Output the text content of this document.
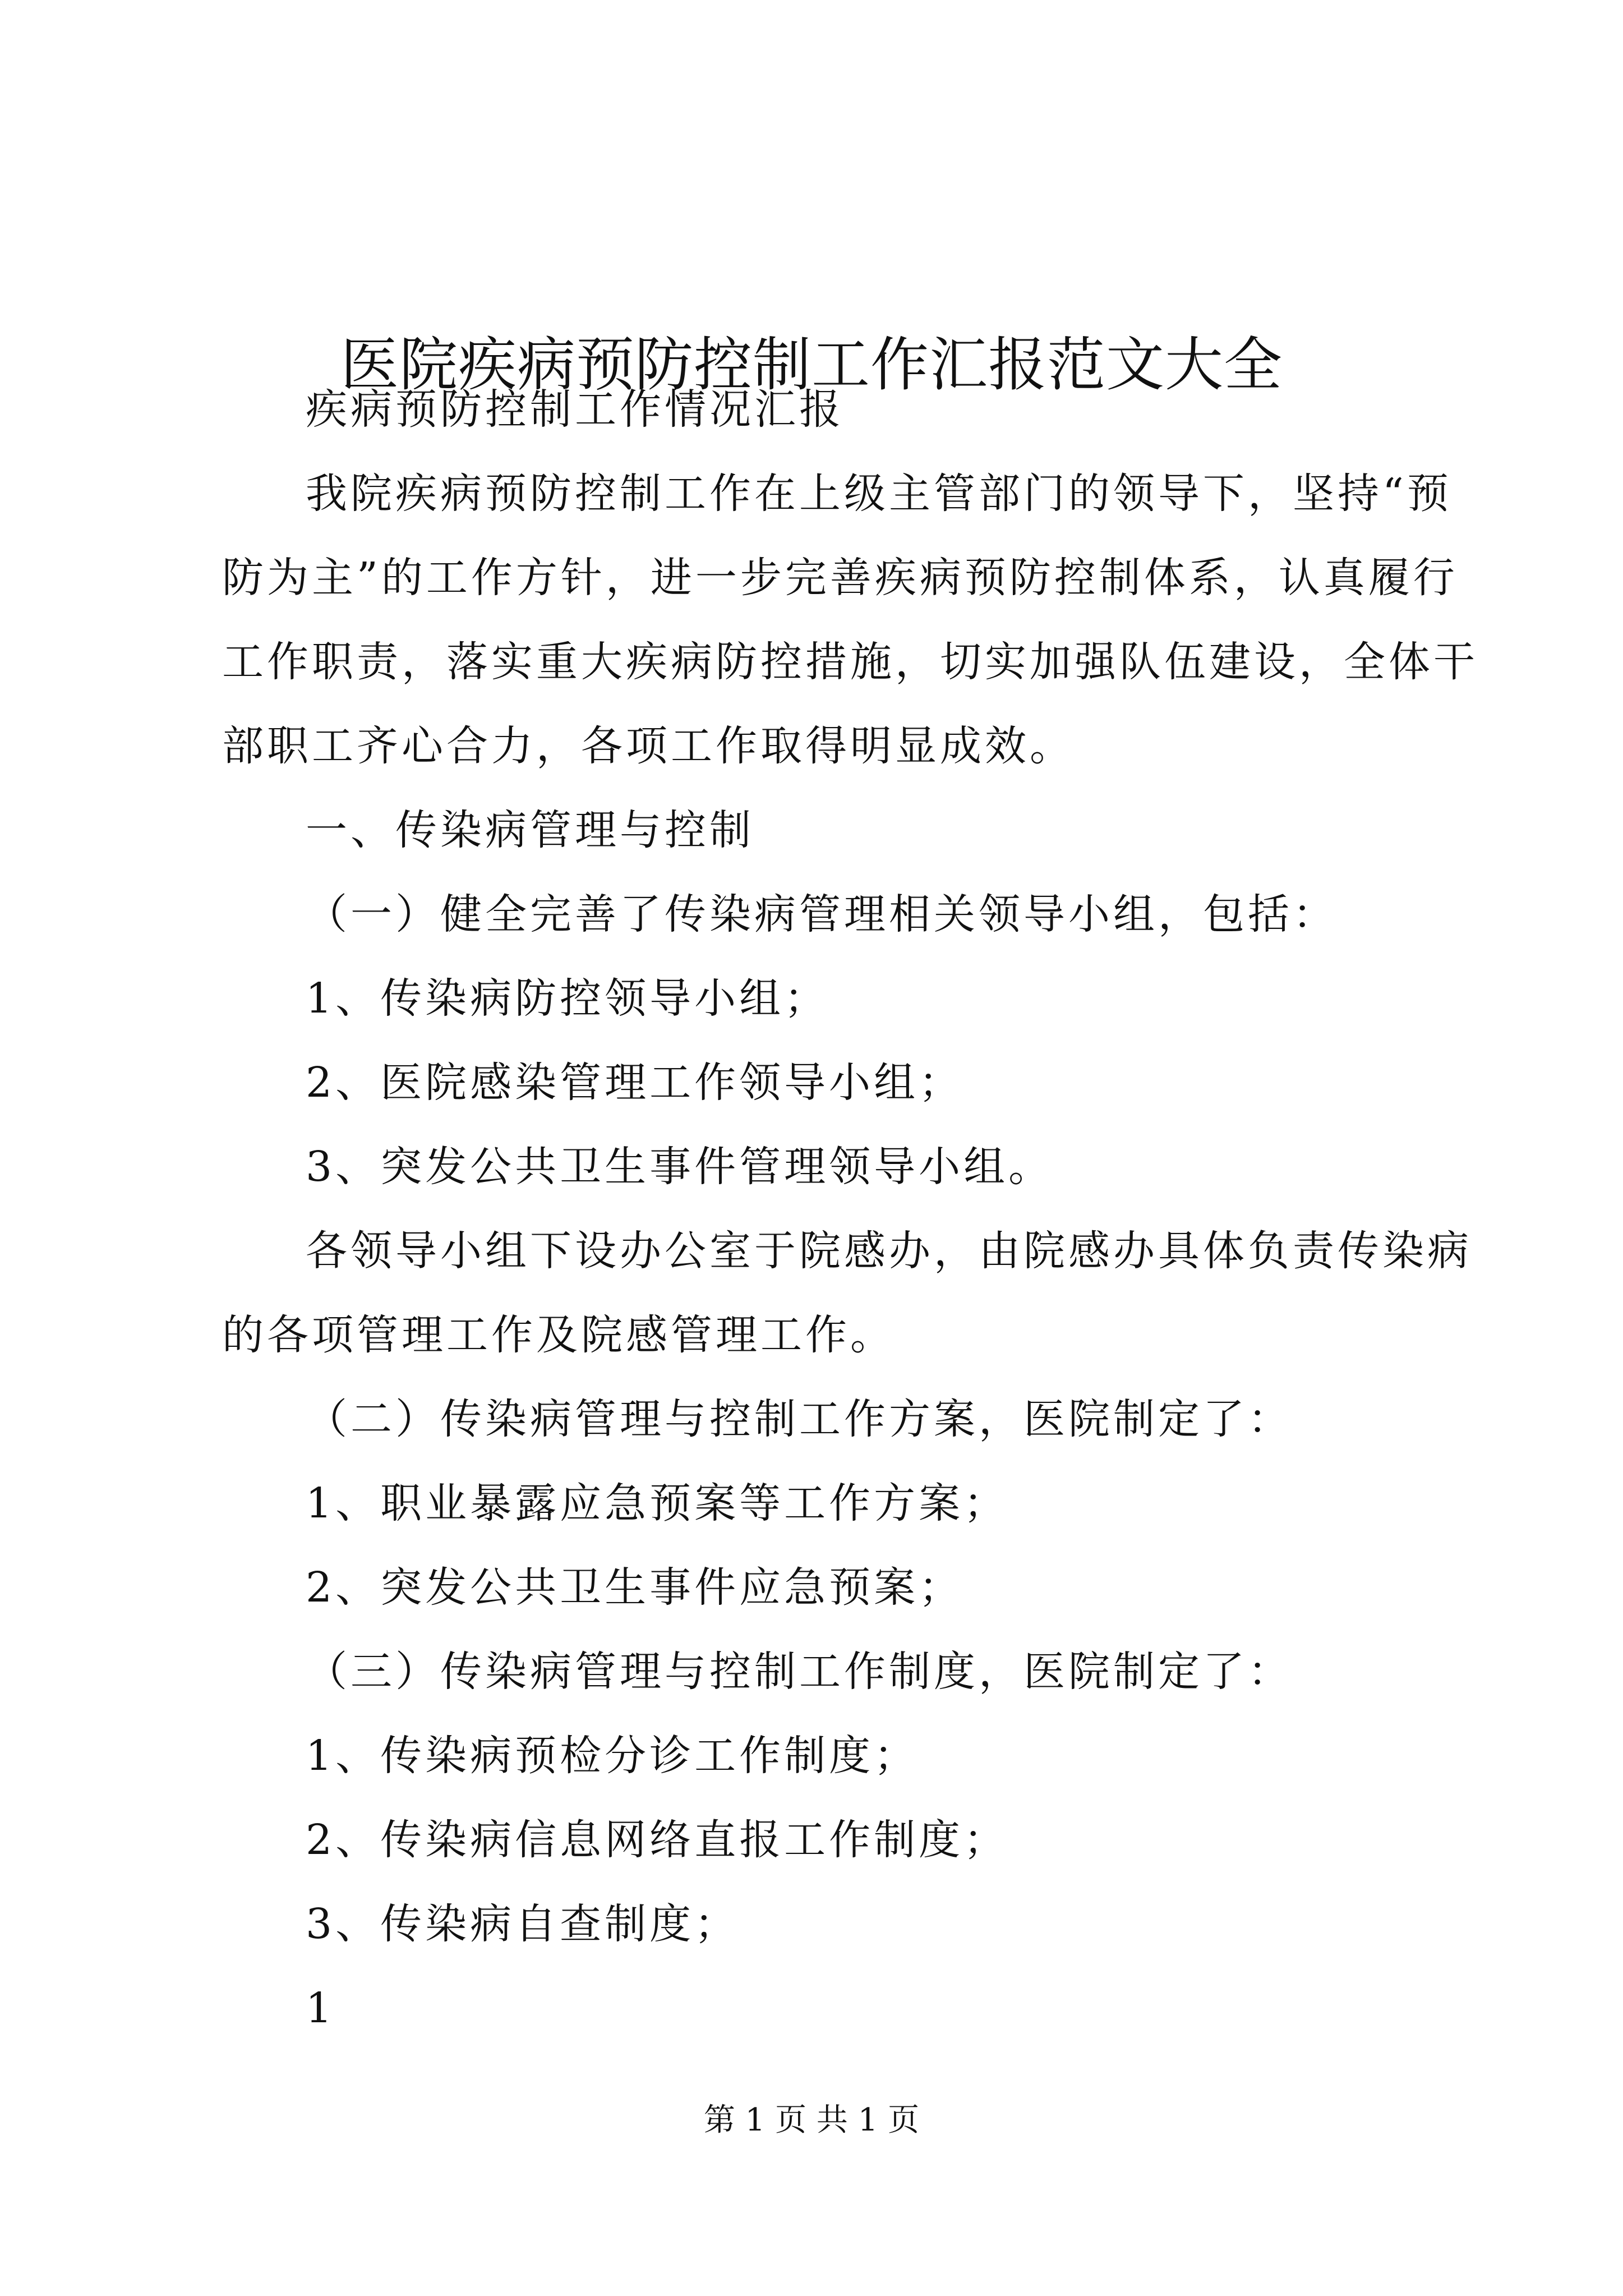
医院疾病预防控制工作汇报范文大全
疾病预防控制工作情况汇报
我院疾病预防控制工作在上级主管部门的领导下，坚持“预
防为主”的工作方针，进一步完善疾病预防控制体系，认真履行
工作职责，落实重大疾病防控措施，切实加强队伍建设，全体干
部职工齐心合力，各项工作取得明显成效。
一、传染病管理与控制
（一）健全完善了传染病管理相关领导小组，包括：
1、传染病防控领导小组；
2、医院感染管理工作领导小组；
3、突发公共卫生事件管理领导小组。
各领导小组下设办公室于院感办，由院感办具体负责传染病
的各项管理工作及院感管理工作。
（二）传染病管理与控制工作方案，医院制定了：
1、职业暴露应急预案等工作方案；
2、突发公共卫生事件应急预案；
（三）传染病管理与控制工作制度，医院制定了：
1、传染病预检分诊工作制度；
2、传染病信息网络直报工作制度；
3、传染病自查制度；
1
第 1 页 共 1 页
